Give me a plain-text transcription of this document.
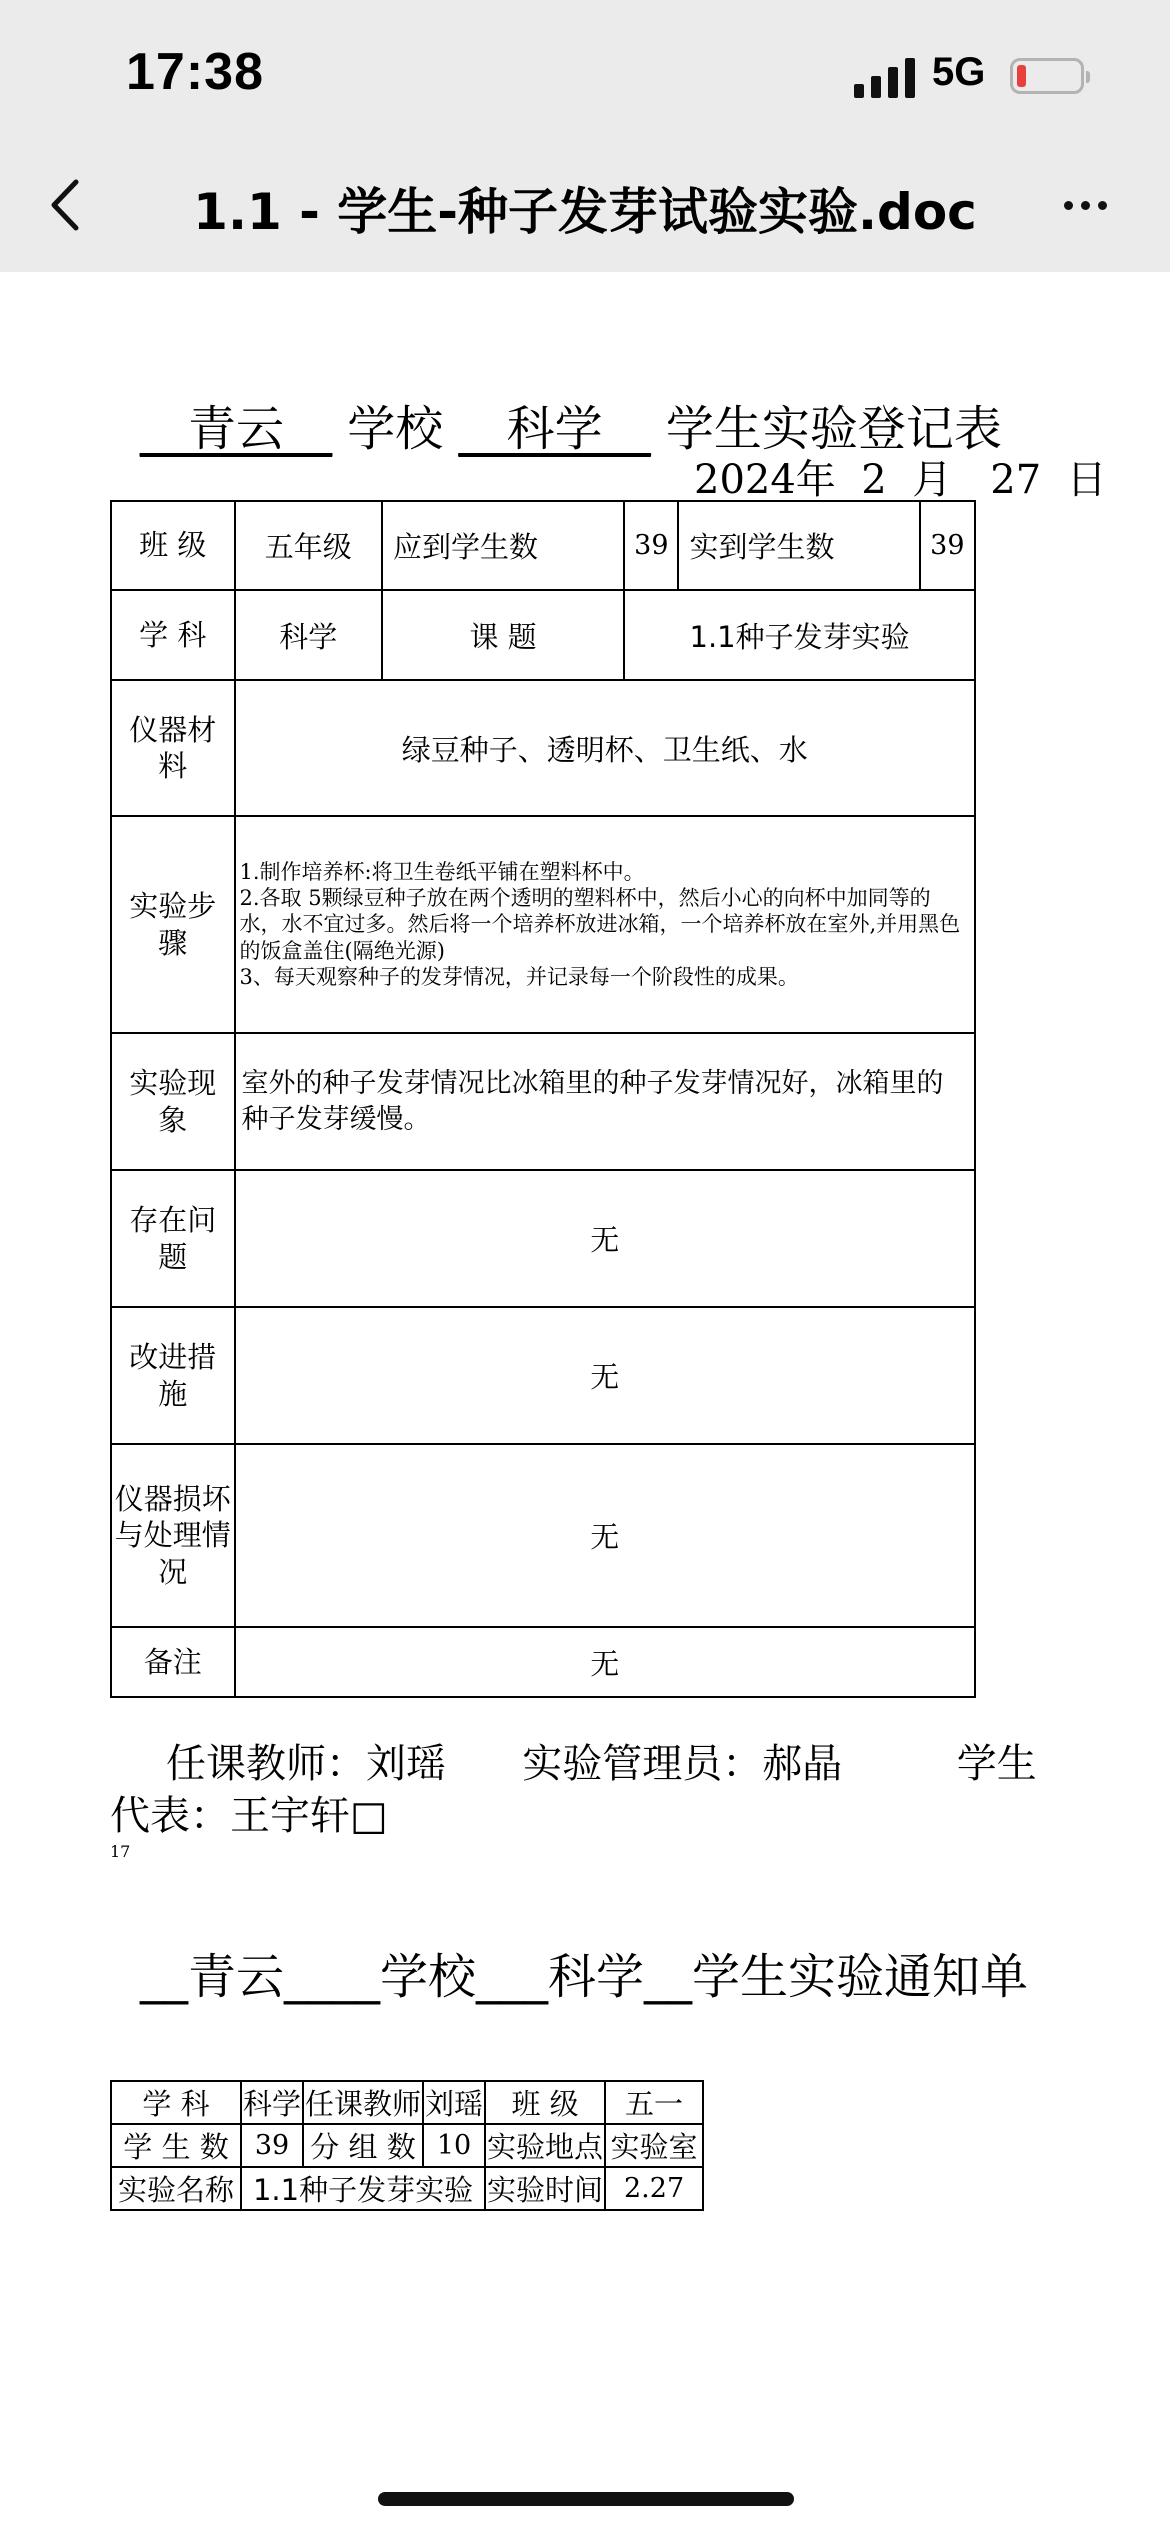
17:38	5G
1.1 - 学生-种子发芽试验实验.doc
__青云__ 学校 __科学__ 学生实验登记表
2024年  2  月   27  日
班 级	五年级	应到学生数	39	实到学生数	39
学 科	科学	课 题	1.1种子发芽实验		
仪器材料	绿豆种子、透明杯、卫生纸、水				
实验步骤	1.制作培养杯:将卫生卷纸平铺在塑料杯中。
2.各取 5颗绿豆种子放在两个透明的塑料杯中，然后小心的向杯中加同等的水，水不宜过多。然后将一个培养杯放进冰箱，一个培养杯放在室外,并用黑色的饭盒盖住(隔绝光源)
3、每天观察种子的发芽情况，并记录每一个阶段性的成果。				

实验现象	室外的种子发芽情况比冰箱里的种子发芽情况好，冰箱里的种子发芽缓慢。				
存在问题	无				
改进措施	无				
仪器损坏与处理情况	无				
备注	无				
任课教师：刘瑶      实验管理员：郝晶         学生代表：王宇轩□
17
__青云____学校___科学__学生实验通知单
学 科	科学	任课教师	刘瑶	班 级	五一
学 生 数	39	分 组 数	10	实验地点	实验室
实验名称	1.1种子发芽实验			实验时间	2.27
